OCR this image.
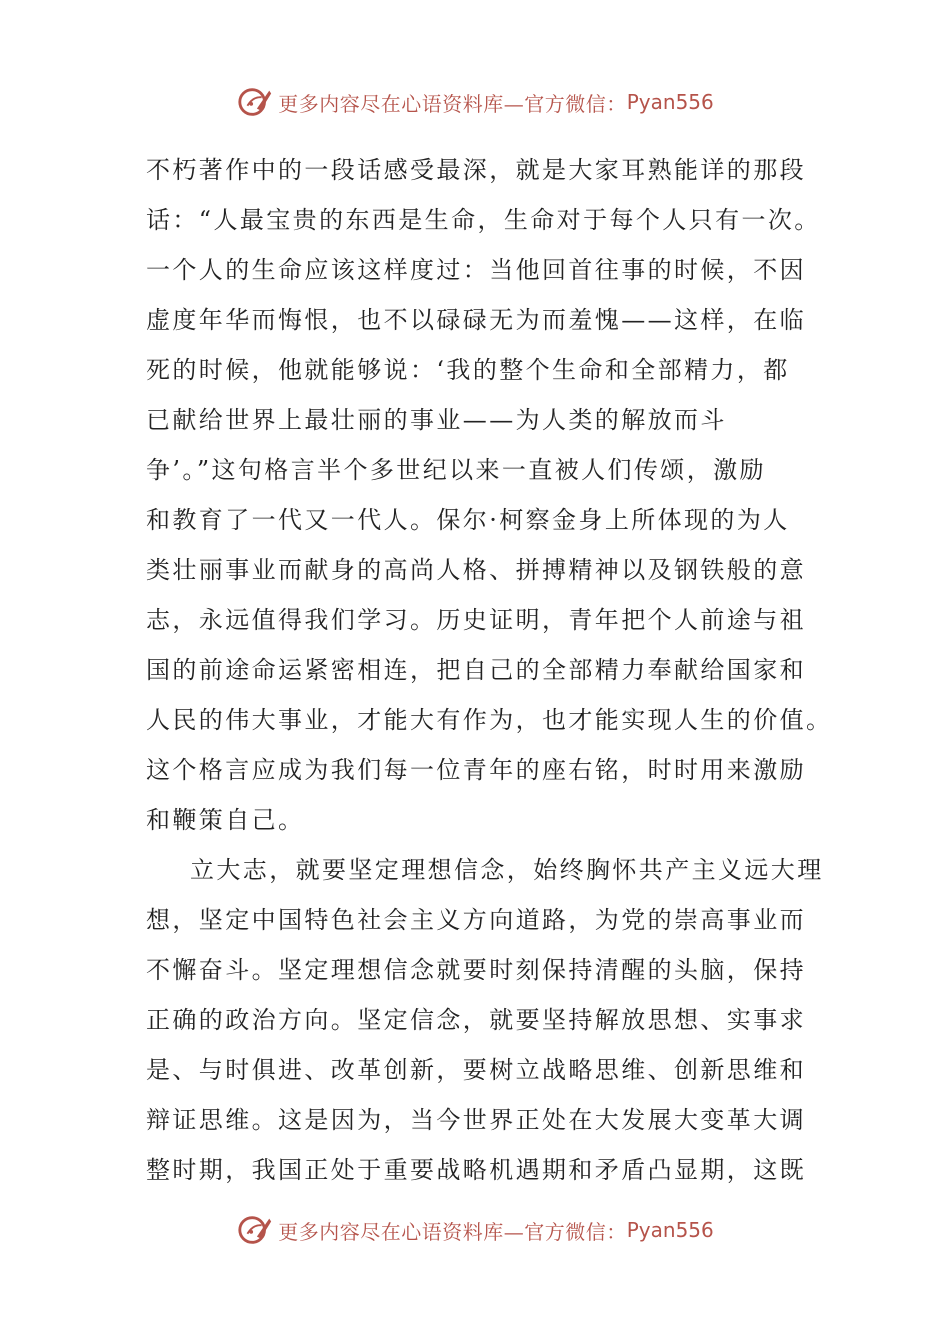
更多内容尽在心语资料库—官方微信： Pyan556
不朽著作中的一段话感受最深，就是大家耳熟能详的那段
话：“人最宝贵的东西是生命，生命对于每个人只有一次。
一个人的生命应该这样度过：当他回首往事的时候，不因
虚度年华而悔恨，也不以碌碌无为而羞愧——这样，在临
死的时候，他就能够说：‘我的整个生命和全部精力，都
已献给世界上最壮丽的事业——为人类的解放而斗
争’。”这句格言半个多世纪以来一直被人们传颂，激励
和教育了一代又一代人。保尔·柯察金身上所体现的为人
类壮丽事业而献身的高尚人格、拼搏精神以及钢铁般的意
志，永远值得我们学习。历史证明，青年把个人前途与祖
国的前途命运紧密相连，把自己的全部精力奉献给国家和
人民的伟大事业，才能大有作为，也才能实现人生的价值。
这个格言应成为我们每一位青年的座右铭，时时用来激励
和鞭策自己。
立大志，就要坚定理想信念，始终胸怀共产主义远大理
想，坚定中国特色社会主义方向道路，为党的崇高事业而
不懈奋斗。坚定理想信念就要时刻保持清醒的头脑，保持
正确的政治方向。坚定信念，就要坚持解放思想、实事求
是、与时俱进、改革创新，要树立战略思维、创新思维和
辩证思维。这是因为，当今世界正处在大发展大变革大调
整时期，我国正处于重要战略机遇期和矛盾凸显期，这既
更多内容尽在心语资料库—官方微信： Pyan556
